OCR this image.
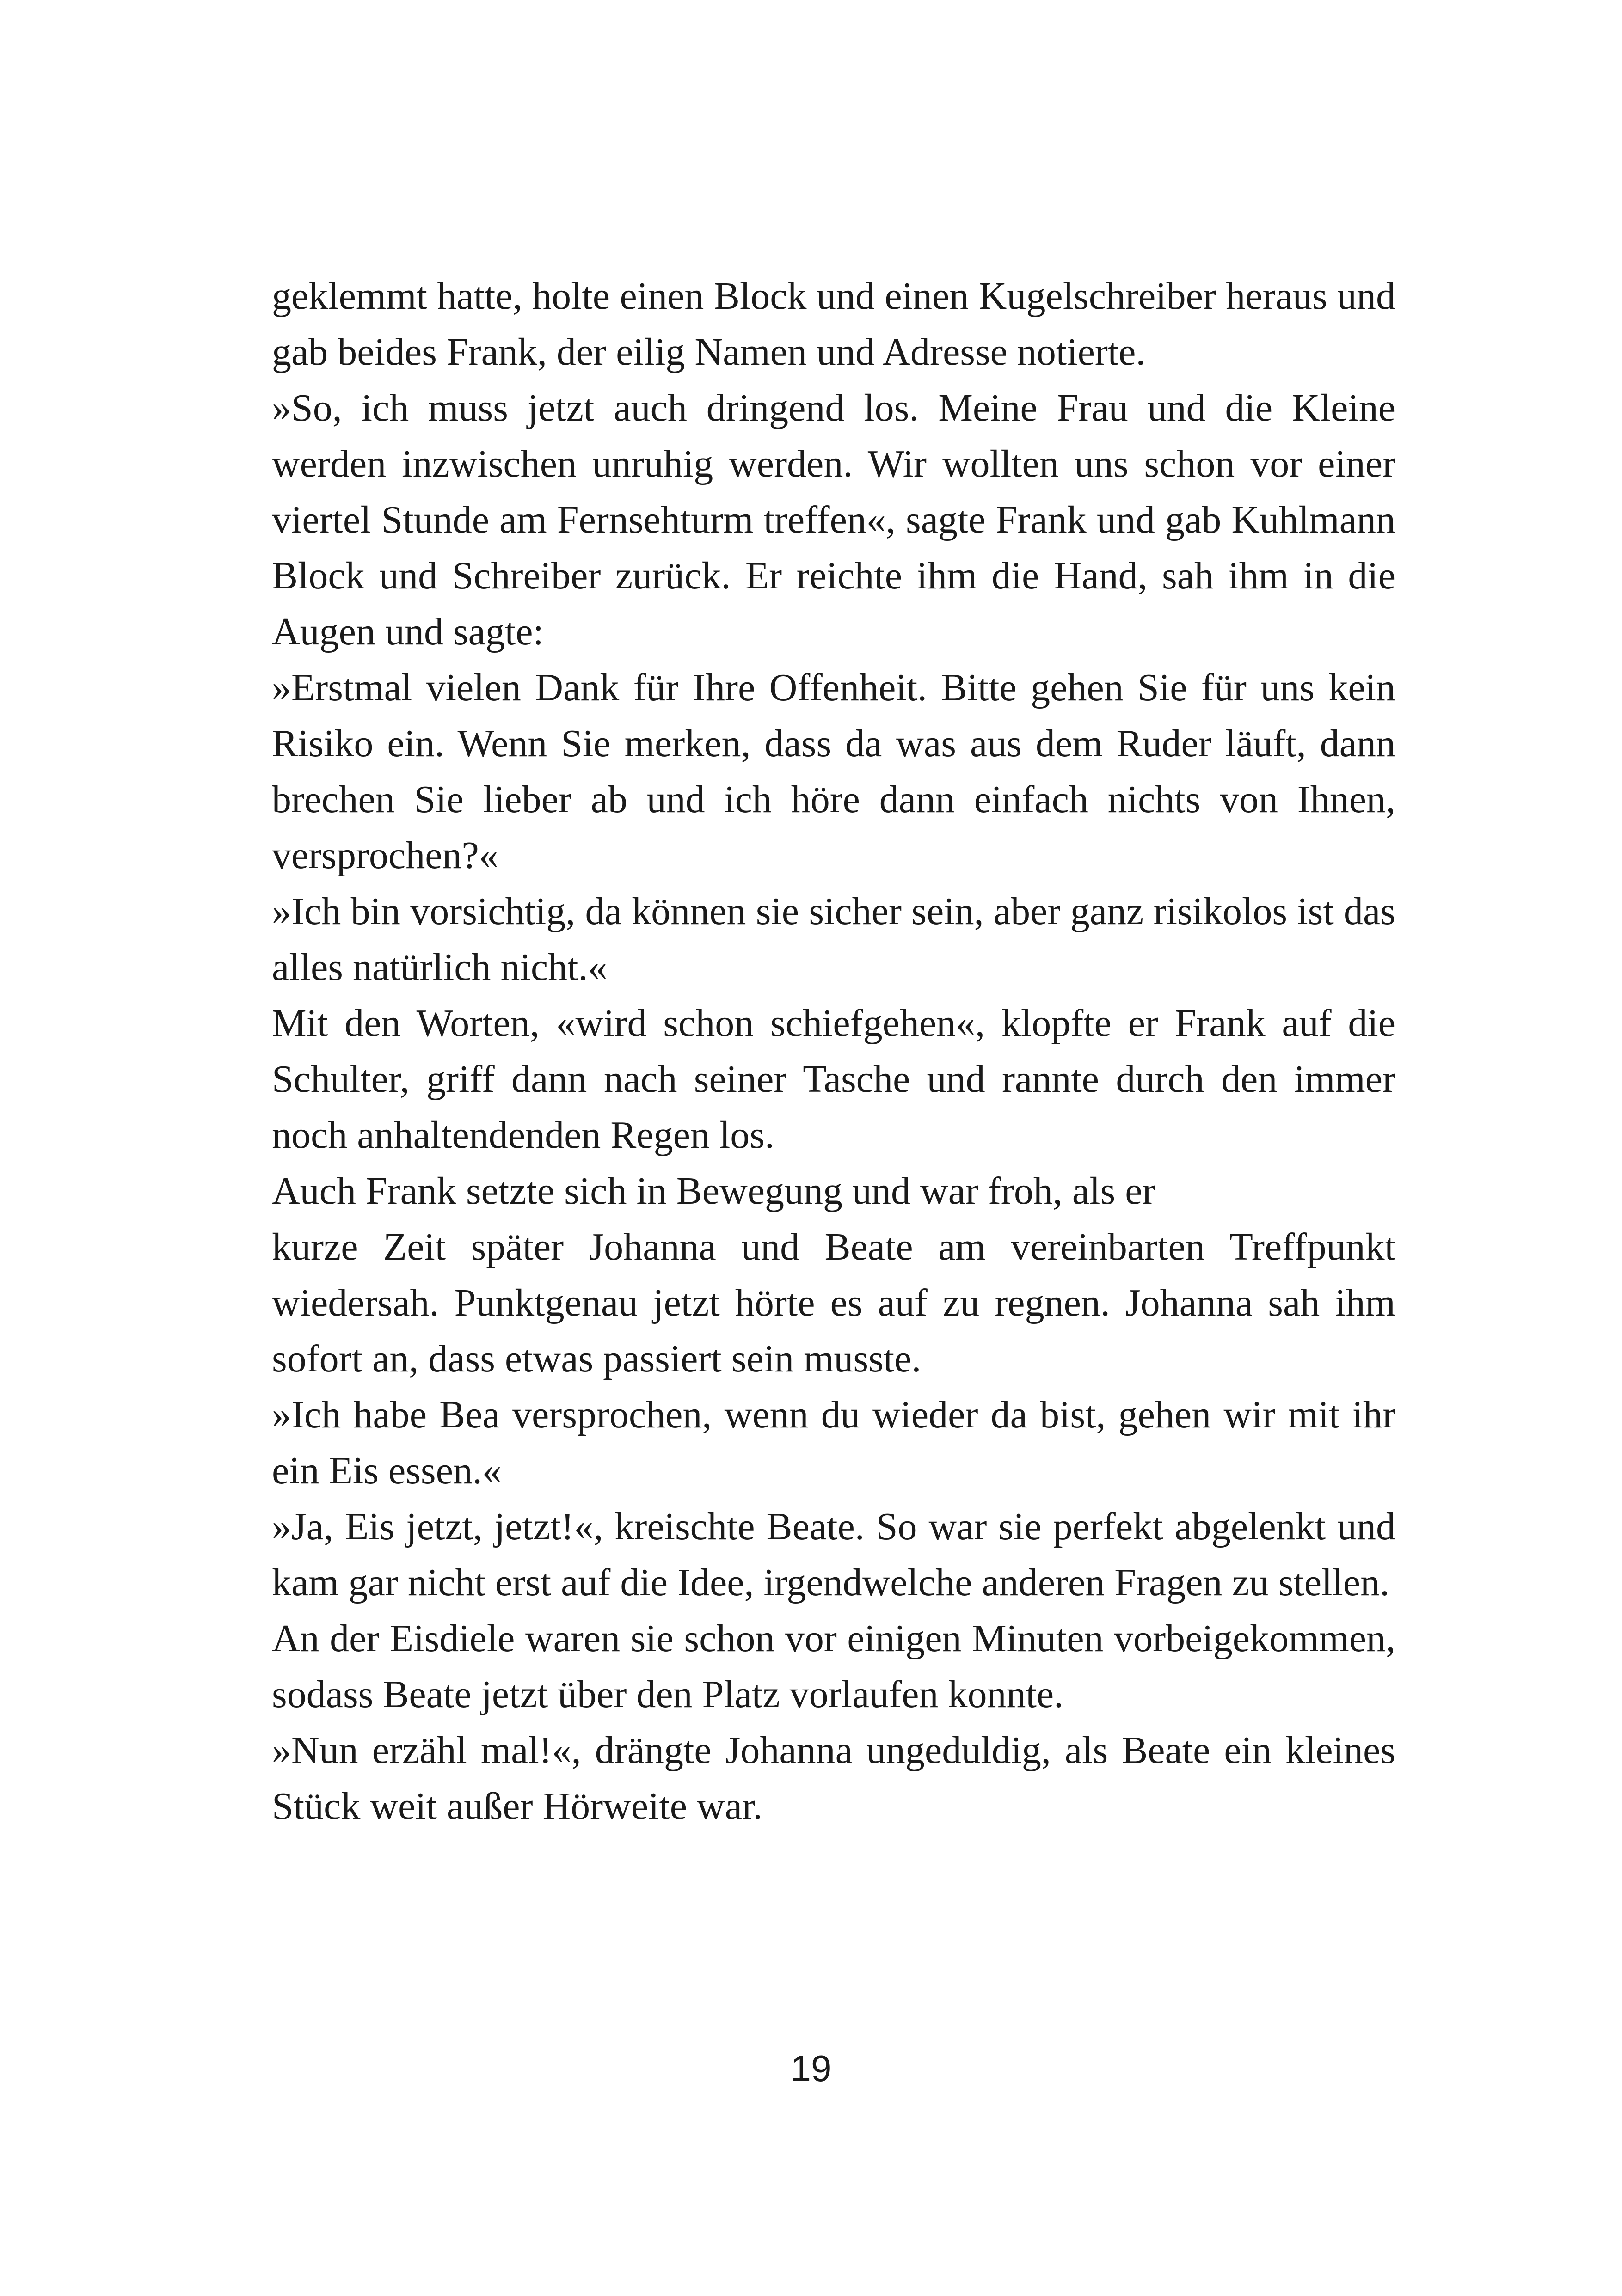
geklemmt hatte, holte einen Block und einen Kugelschreiber heraus und gab beides Frank, der eilig Namen und Adresse notierte.

»So, ich muss jetzt auch dringend los. Meine Frau und die Kleine werden inzwischen unruhig werden. Wir wollten uns schon vor einer viertel Stunde am Fernsehturm treffen«, sagte Frank und gab Kuhlmann Block und Schreiber zurück. Er reichte ihm die Hand, sah ihm in die Augen und sagte:

»Erstmal vielen Dank für Ihre Offenheit. Bitte gehen Sie für uns kein Risiko ein. Wenn Sie merken, dass da was aus dem Ruder läuft, dann brechen Sie lieber ab und ich höre dann einfach nichts von Ihnen, versprochen?«

»Ich bin vorsichtig, da können sie sicher sein, aber ganz risikolos ist das alles natürlich nicht.«

Mit den Worten, «wird schon schiefgehen«, klopfte er Frank auf die Schulter, griff dann nach seiner Tasche und rannte durch den immer noch anhaltendenden Regen los.

Auch Frank setzte sich in Bewegung und war froh, als er

kurze Zeit später Johanna und Beate am vereinbarten Treffpunkt wiedersah. Punktgenau jetzt hörte es auf zu regnen. Johanna sah ihm sofort an, dass etwas passiert sein musste.

»Ich habe Bea versprochen, wenn du wieder da bist, gehen wir mit ihr ein Eis essen.«

»Ja, Eis jetzt, jetzt!«, kreischte Beate. So war sie perfekt abgelenkt und kam gar nicht erst auf die Idee, irgendwelche anderen Fragen zu stellen.

An der Eisdiele waren sie schon vor einigen Minuten vorbeigekommen, sodass Beate jetzt über den Platz vorlaufen konnte.

»Nun erzähl mal!«, drängte Johanna ungeduldig, als Beate ein kleines Stück weit außer Hörweite war.

19
